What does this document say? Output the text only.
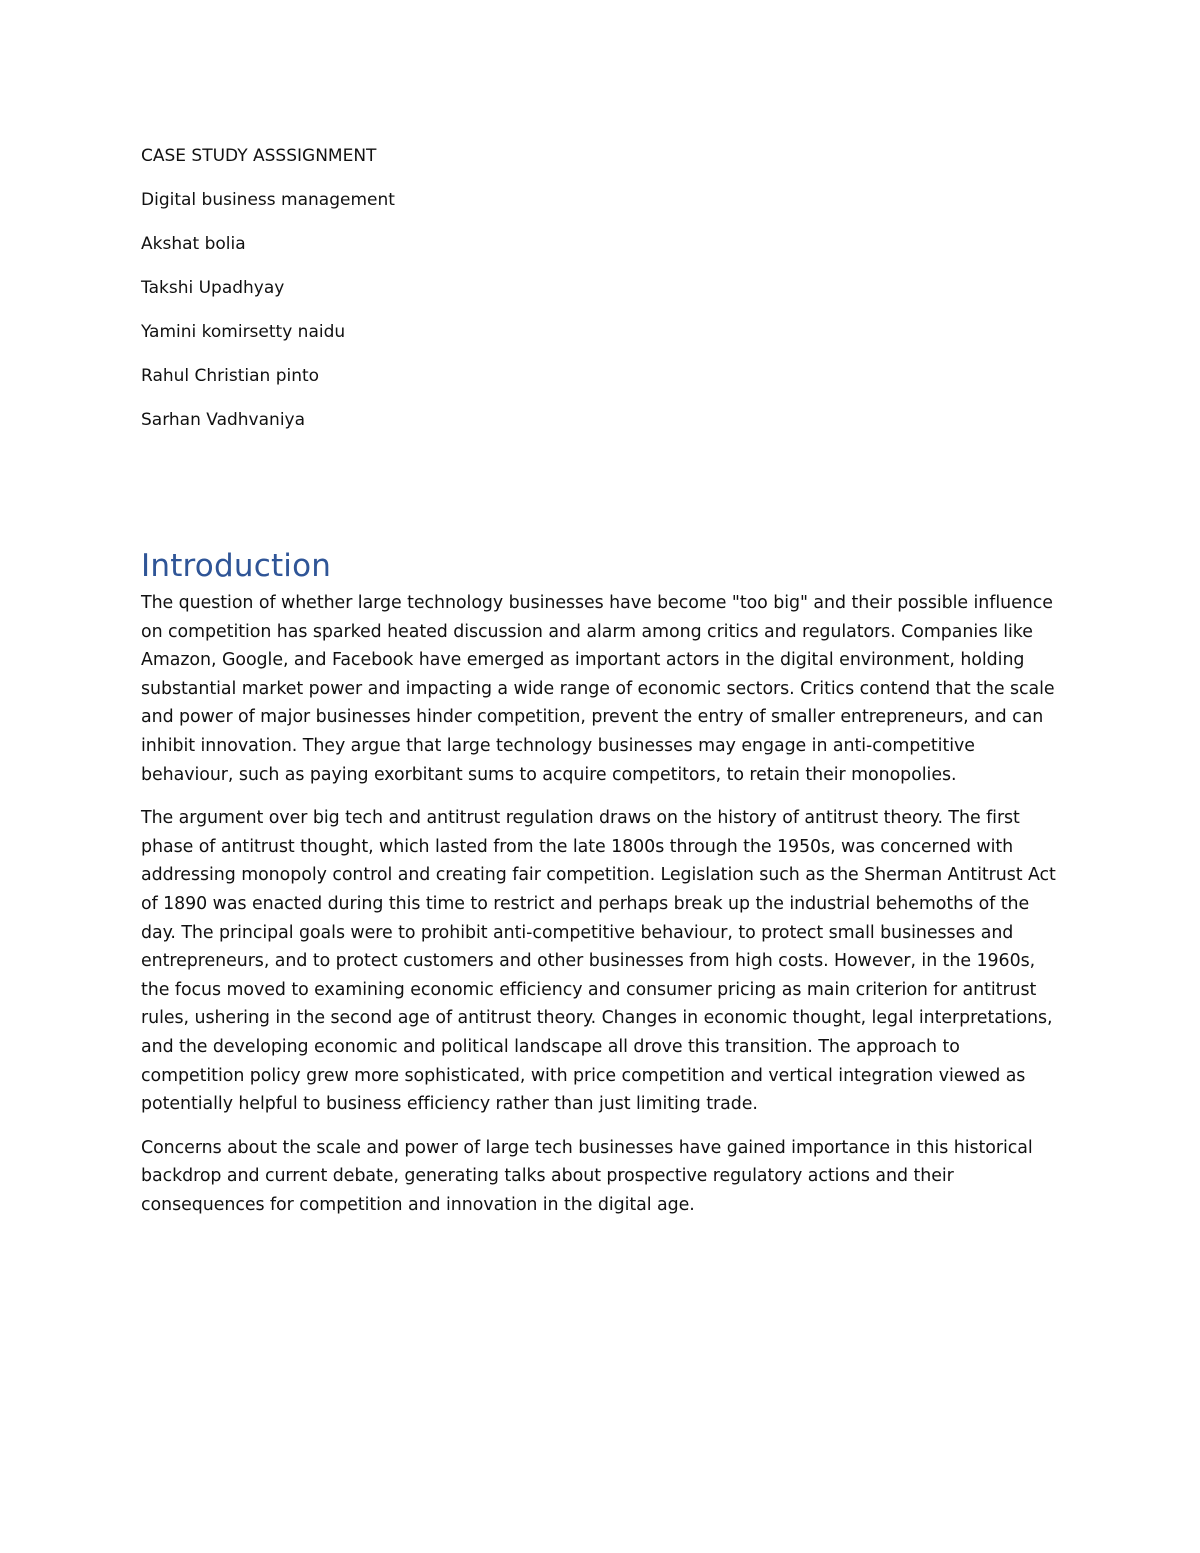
CASE STUDY ASSSIGNMENT
Digital business management
Akshat bolia
Takshi Upadhyay
Yamini komirsetty naidu
Rahul Christian pinto
Sarhan Vadhvaniya
Introduction

The question of whether large technology businesses have become "too big" and their possible influence on competition has sparked heated discussion and alarm among critics and regulators. Companies like Amazon, Google, and Facebook have emerged as important actors in the digital environment, holding substantial market power and impacting a wide range of economic sectors. Critics contend that the scale and power of major businesses hinder competition, prevent the entry of smaller entrepreneurs, and can inhibit innovation. They argue that large technology businesses may engage in anti-competitive behaviour, such as paying exorbitant sums to acquire competitors, to retain their monopolies.

The argument over big tech and antitrust regulation draws on the history of antitrust theory. The first phase of antitrust thought, which lasted from the late 1800s through the 1950s, was concerned with addressing monopoly control and creating fair competition. Legislation such as the Sherman Antitrust Act of 1890 was enacted during this time to restrict and perhaps break up the industrial behemoths of the day. The principal goals were to prohibit anti-competitive behaviour, to protect small businesses and entrepreneurs, and to protect customers and other businesses from high costs. However, in the 1960s, the focus moved to examining economic efficiency and consumer pricing as main criterion for antitrust rules, ushering in the second age of antitrust theory. Changes in economic thought, legal interpretations, and the developing economic and political landscape all drove this transition. The approach to competition policy grew more sophisticated, with price competition and vertical integration viewed as potentially helpful to business efficiency rather than just limiting trade.

Concerns about the scale and power of large tech businesses have gained importance in this historical backdrop and current debate, generating talks about prospective regulatory actions and their consequences for competition and innovation in the digital age.
